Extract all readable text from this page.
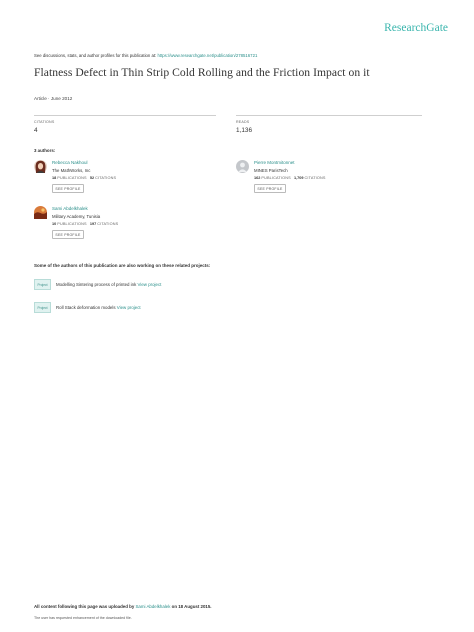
ResearchGate
See discussions, stats, and author profiles for this publication at: https://www.researchgate.net/publication/278516721
Flatness Defect in Thin Strip Cold Rolling and the Friction Impact on it
Article · June 2012
CITATIONS
4
READS
1,136
3 authors:
Rebecca Nakhoul
The MathWorks, Inc
18 PUBLICATIONS 52 CITATIONS
SEE PROFILE
Pierre Montmitonnet
MINES ParisTech
162 PUBLICATIONS 1,709 CITATIONS
SEE PROFILE
Sami Abdelkhalek
Military Academy, Tunisia
10 PUBLICATIONS 197 CITATIONS
SEE PROFILE
Some of the authors of this publication are also working on these related projects:
Project	Modelling Sintering process of printed ink View project
Project	Roll Stack deformation models View project
All content following this page was uploaded by Sami Abdelkhalek on 18 August 2015.
The user has requested enhancement of the downloaded file.
